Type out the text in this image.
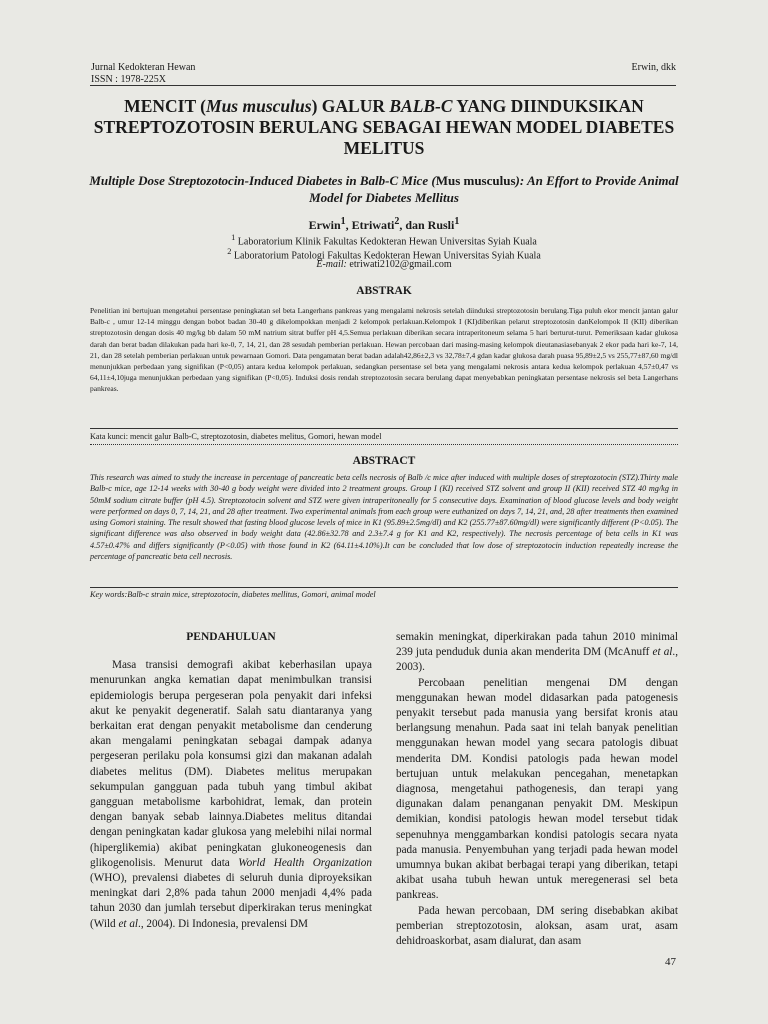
Jurnal Kedokteran Hewan
ISSN : 1978-225X
Erwin, dkk
MENCIT (Mus musculus) GALUR BALB-C YANG DIINDUKSIKAN STREPTOZOTOSIN BERULANG SEBAGAI HEWAN MODEL DIABETES MELITUS
Multiple Dose Streptozotocin-Induced Diabetes in Balb-C Mice (Mus musculus): An Effort to Provide Animal Model for Diabetes Mellitus
Erwin$^1$, Etriwati$^2$, dan Rusli$^1$
$^1$ Laboratorium Klinik Fakultas Kedokteran Hewan Universitas Syiah Kuala
$^2$ Laboratorium Patologi Fakultas Kedokteran Hewan Universitas Syiah Kuala
E-mail: etriwati2102@gmail.com
ABSTRAK

Penelitian ini bertujuan mengetahui persentase peningkatan sel beta Langerhans pankreas yang mengalami nekrosis setelah diinduksi streptozotosin berulang.Tiga puluh ekor mencit jantan galur Balb-c , umur 12-14 minggu dengan bobot badan 30-40 g dikelompokkan menjadi 2 kelompok perlakuan.Kelompok I (KI)diberikan pelarut streptozotosin danKelompok II (KII) diberikan streptozotosin dengan dosis 40 mg/kg bb dalam 50 mM natrium sitrat buffer pH 4,5.Semua perlakuan diberikan secara intraperitoneum selama 5 hari berturut-turut. Pemeriksaan kadar glukosa darah dan berat badan dilakukan pada hari ke-0, 7, 14, 21, dan 28 sesudah pemberian perlakuan. Hewan percobaan dari masing-masing kelompok dieutanasiasebanyak 2 ekor pada hari ke-7, 14, 21, dan 28 setelah pemberian perlakuan untuk pewarnaan Gomori. Data pengamatan berat badan adalah42,86±2,3 vs 32,78±7,4 gdan kadar glukosa darah puasa 95,89±2,5 vs 255,77±87,60 mg/dl menunjukkan perbedaan yang signifikan (P<0,05) antara kedua kelompok perlakuan, sedangkan persentase sel beta yang mengalami nekrosis antara kedua kelompok perlakuan 4,57±0,47 vs 64,11±4,10juga menunjukkan perbedaan yang signifikan (P<0,05). Induksi dosis rendah streptozotosin secara berulang dapat menyebabkan peningkatan persentase nekrosis sel beta Langerhans pankreas.

Kata kunci: mencit galur Balb-C, streptozotosin, diabetes melitus, Gomori, hewan model
ABSTRACT

This research was aimed to study the increase in percentage of pancreatic beta cells necrosis of Balb /c mice after induced with multiple doses of streptozotocin (STZ).Thirty male Balb-c mice, age 12-14 weeks with 30-40 g body weight were divided into 2 treatment groups. Group I (KI) received STZ solvent and group II (KII) received STZ 40 mg/kg in 50mM sodium citrate buffer (pH 4.5). Streptozotocin solvent and STZ were given intraperitoneally for 5 consecutive days. Examination of blood glucose levels and body weight were performed on days 0, 7, 14, 21, and 28 after treatment. Two experimental animals from each group were euthanized on days 7, 14, 21, and, 28 after treatments then examined using Gomori staining. The result showed that fasting blood glucose levels of mice in K1 (95.89±2.5mg/dl) and K2 (255.77±87.60mg/dl) were significantly different (P<0.05). The significant difference was also observed in body weight data (42.86±32.78 and 2.3±7.4 g for K1 and K2, respectively). The necrosis percentage of beta cells in K1 was 4.57±0.47% and differs significantly (P<0.05) with those found in K2 (64.11±4.10%).It can be concluded that low dose of streptozotocin induction repeatedly increase the percentage of pancreatic beta cell necrosis.

Key words:Balb-c strain mice, streptozotocin, diabetes mellitus, Gomori, animal model
PENDAHULUAN

Masa transisi demografi akibat keberhasilan upaya menurunkan angka kematian dapat menimbulkan transisi epidemiologis berupa pergeseran pola penyakit dari infeksi akut ke penyakit degeneratif. Salah satu diantaranya yang berkaitan erat dengan penyakit metabolisme dan cenderung akan mengalami peningkatan sebagai dampak adanya pergeseran perilaku pola konsumsi gizi dan makanan adalah diabetes melitus (DM). Diabetes melitus merupakan sekumpulan gangguan pada tubuh yang timbul akibat gangguan metabolisme karbohidrat, lemak, dan protein dengan banyak sebab lainnya.Diabetes melitus ditandai dengan peningkatan kadar glukosa yang melebihi nilai normal (hiperglikemia) akibat peningkatan glukoneogenesis dan glikogenolisis. Menurut data World Health Organization (WHO), prevalensi diabetes di seluruh dunia diproyeksikan meningkat dari 2,8% pada tahun 2000 menjadi 4,4% pada tahun 2030 dan jumlah tersebut diperkirakan terus meningkat (Wild et al., 2004). Di Indonesia, prevalensi DM

semakin meningkat, diperkirakan pada tahun 2010 minimal 239 juta penduduk dunia akan menderita DM (McAnuff et al., 2003).

Percobaan penelitian mengenai DM dengan menggunakan hewan model didasarkan pada patogenesis penyakit tersebut pada manusia yang bersifat kronis atau berlangsung menahun. Pada saat ini telah banyak penelitian menggunakan hewan model yang secara patologis dibuat menderita DM. Kondisi patologis pada hewan model bertujuan untuk melakukan pencegahan, menetapkan diagnosa, mengetahui pathogenesis, dan terapi yang digunakan dalam penanganan penyakit DM. Meskipun demikian, kondisi patologis hewan model tersebut tidak sepenuhnya menggambarkan kondisi patologis secara nyata pada manusia. Penyembuhan yang terjadi pada hewan model umumnya bukan akibat berbagai terapi yang diberikan, tetapi akibat usaha tubuh hewan untuk meregenerasi sel beta pankreas.

Pada hewan percobaan, DM sering disebabkan akibat pemberian streptozotosin, aloksan, asam urat, asam dehidroaskorbat, asam dialurat, dan asam

47
